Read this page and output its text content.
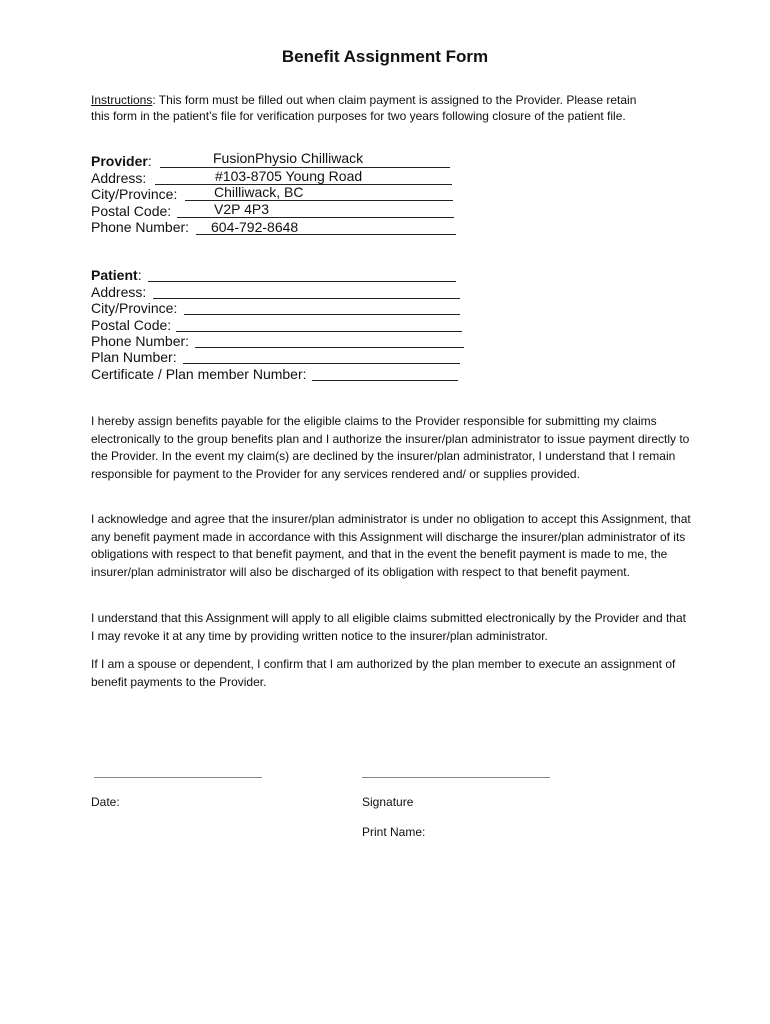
Benefit Assignment Form
Instructions: This form must be filled out when claim payment is assigned to the Provider. Please retain
this form in the patient’s file for verification purposes for two years following closure of the patient file.
Provider:	FusionPhysio Chilliwack
Address:	#103-8705 Young Road
City/Province:	Chilliwack, BC
Postal Code:	V2P 4P3
Phone Number: 604-792-8648
Patient:
Address:
City/Province:
Postal Code:
Phone Number:
Plan Number:
Certificate / Plan member Number:
I hereby assign benefits payable for the eligible claims to the Provider responsible for submitting my claims electronically to the group benefits plan and I authorize the insurer/plan administrator to issue payment directly to the Provider. In the event my claim(s) are declined by the insurer/plan administrator, I understand that I remain responsible for payment to the Provider for any services rendered and/ or supplies provided.
I acknowledge and agree that the insurer/plan administrator is under no obligation to accept this Assignment, that any benefit payment made in accordance with this Assignment will discharge the insurer/plan administrator of its obligations with respect to that benefit payment, and that in the event the benefit payment is made to me, the insurer/plan administrator will also be discharged of its obligation with respect to that benefit payment.
I understand that this Assignment will apply to all eligible claims submitted electronically by the Provider and that I may revoke it at any time by providing written notice to the insurer/plan administrator.
If I am a spouse or dependent, I confirm that I am authorized by the plan member to execute an assignment of benefit payments to the Provider.
Date:	Signature
Print Name:
